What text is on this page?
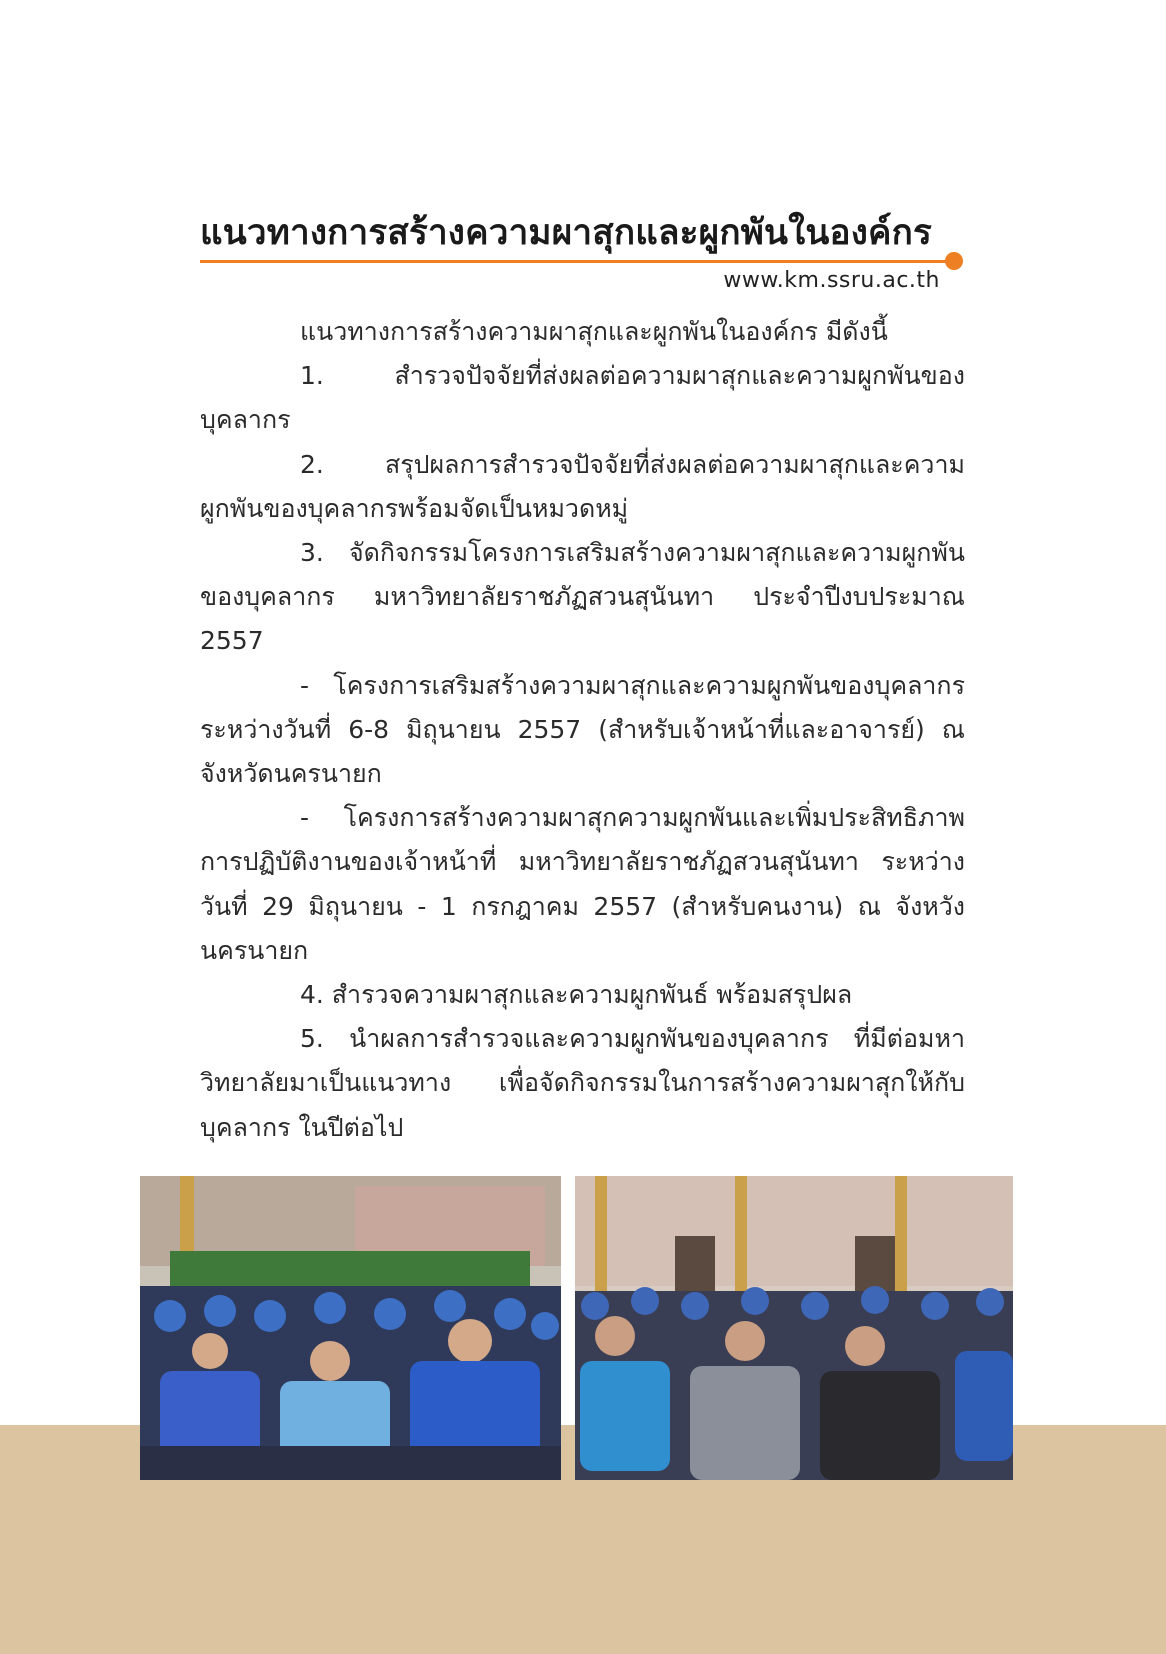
แนวทางการสร้างความผาสุกและผูกพันในองค์กร
www.km.ssru.ac.th

แนวทางการสร้างความผาสุกและผูกพันในองค์กร มีดังนี้

1. สำรวจปัจจัยที่ส่งผลต่อความผาสุกและความผูกพันของบุคลากร

2. สรุปผลการสำรวจปัจจัยที่ส่งผลต่อความผาสุกและความผูกพันของบุคลากรพร้อมจัดเป็นหมวดหมู่

3. จัดกิจกรรมโครงการเสริมสร้างความผาสุกและความผูกพันของบุคลากร มหาวิทยาลัยราชภัฏสวนสุนันทา ประจำปีงบประมาณ 2557

- โครงการเสริมสร้างความผาสุกและความผูกพันของบุคลากร ระหว่างวันที่ 6-8 มิถุนายน 2557 (สำหรับเจ้าหน้าที่และอาจารย์) ณ จังหวัดนครนายก

- โครงการสร้างความผาสุกความผูกพันและเพิ่มประสิทธิภาพการปฏิบัติงานของเจ้าหน้าที่ มหาวิทยาลัยราชภัฏสวนสุนันทา ระหว่างวันที่ 29 มิถุนายน - 1 กรกฎาคม 2557 (สำหรับคนงาน) ณ จังหวังนครนายก

4. สำรวจความผาสุกและความผูกพันธ์ พร้อมสรุปผล

5. นำผลการสำรวจและความผูกพันของบุคลากร ที่มีต่อมหาวิทยาลัยมาเป็นแนวทาง เพื่อจัดกิจกรรมในการสร้างความผาสุกให้กับบุคลากร ในปีต่อไป
